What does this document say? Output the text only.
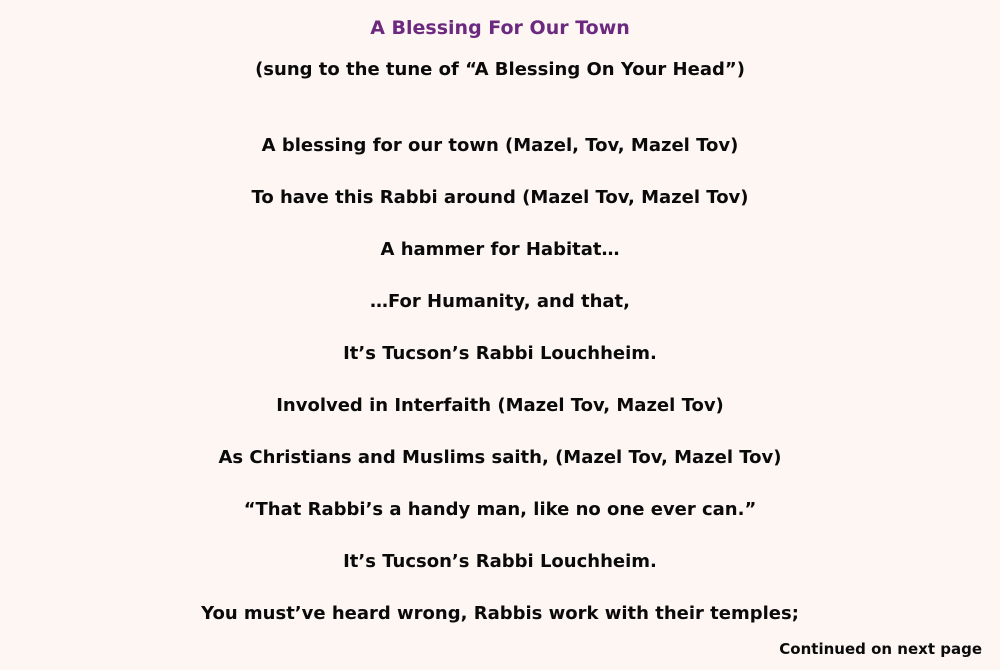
A Blessing For Our Town
(sung to the tune of “A Blessing On Your Head”)
A blessing for our town (Mazel, Tov, Mazel Tov)
To have this Rabbi around (Mazel Tov, Mazel Tov)
A hammer for Habitat…
…For Humanity, and that,
It’s Tucson’s Rabbi Louchheim.
Involved in Interfaith (Mazel Tov, Mazel Tov)
As Christians and Muslims saith, (Mazel Tov, Mazel Tov)
“That Rabbi’s a handy man, like no one ever can.”
It’s Tucson’s Rabbi Louchheim.
You must’ve heard wrong, Rabbis work with their temples;
Continued on next page
